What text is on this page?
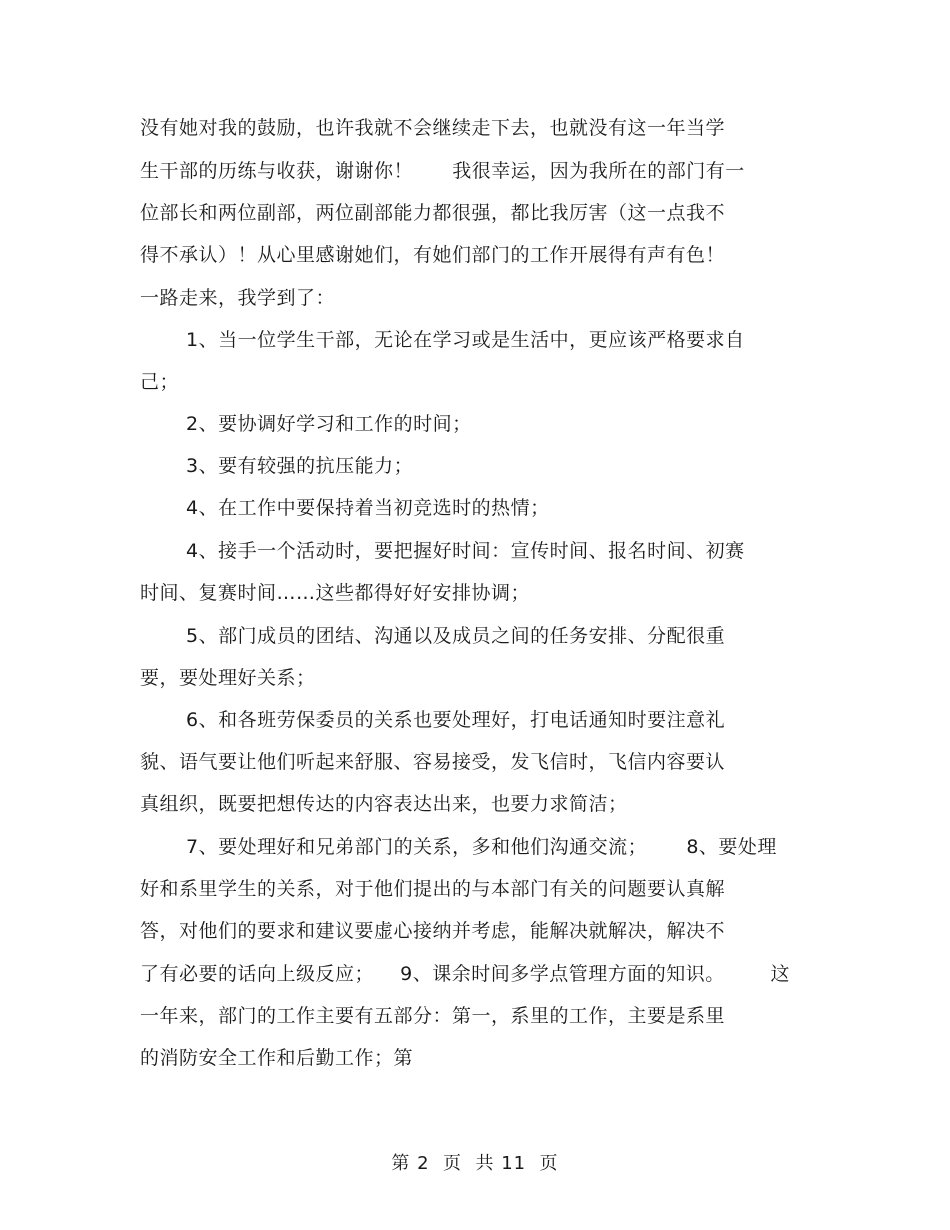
没有她对我的鼓励，也许我就不会继续走下去，也就没有这一年当学
生干部的历练与收获，谢谢你！      我很幸运，因为我所在的部门有一
位部长和两位副部，两位副部能力都很强，都比我厉害（这一点我不
得不承认）！从心里感谢她们，有她们部门的工作开展得有声有色！
一路走来，我学到了：
1、当一位学生干部，无论在学习或是生活中，更应该严格要求自
己；
2、要协调好学习和工作的时间；
3、要有较强的抗压能力；
4、在工作中要保持着当初竞选时的热情；
4、接手一个活动时，要把握好时间：宣传时间、报名时间、初赛
时间、复赛时间……这些都得好好安排协调；
5、部门成员的团结、沟通以及成员之间的任务安排、分配很重
要，要处理好关系；
6、和各班劳保委员的关系也要处理好，打电话通知时要注意礼
貌、语气要让他们听起来舒服、容易接受，发飞信时，飞信内容要认
真组织，既要把想传达的内容表达出来，也要力求简洁；
7、要处理好和兄弟部门的关系，多和他们沟通交流；      8、要处理
好和系里学生的关系，对于他们提出的与本部门有关的问题要认真解
答，对他们的要求和建议要虚心接纳并考虑，能解决就解决，解决不
了有必要的话向上级反应；    9、课余时间多学点管理方面的知识。       这
一年来，部门的工作主要有五部分：第一，系里的工作，主要是系里
的消防安全工作和后勤工作；第
第 2  页  共 11  页
